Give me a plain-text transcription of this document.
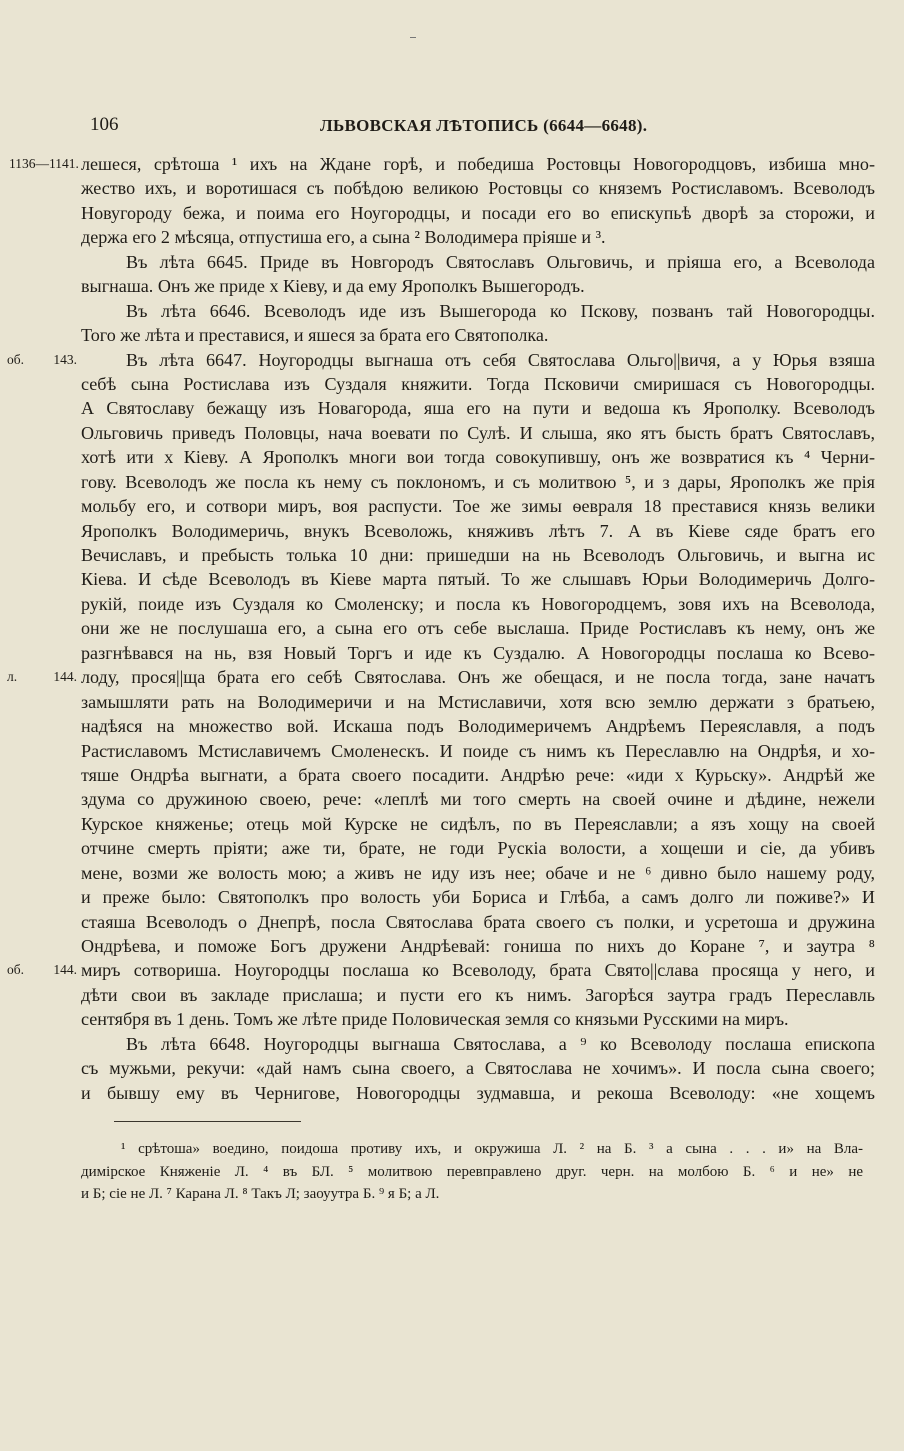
106	ЛЬВОВСКАЯ ЛѢТОПИСЬ (6644—6648).
1136—1141. лешеся, срѣтоша ¹ ихъ на Ждане горѣ, и победиша Ростовцы Новогородцовъ, избиша мно-
жество ихъ, и воротишася съ побѣдою великою Ростовцы со княземъ Ростиславомъ. Всеволодъ
Новугороду бежа, и поима его Ноугородцы, и посади его во епискупьѣ дворѣ за сторожи, и
держа его 2 мѣсяца, отпустиша его, а сына ² Володимера пріяше и ³.
Въ лѣта 6645. Приде въ Новгородъ Святославъ Ольговичь, и пріяша его, а Всеволода
выгнаша. Онъ же приде х Кіеву, и да ему Ярополкъ Вышегородъ.
Въ лѣта 6646. Всеволодъ иде изъ Вышегорода ко Пскову, позванъ тай Новогородцы.
Того же лѣта и преставися, и яшеся за брата его Святополка.
об. 143.	Въ лѣта 6647. Ноугородцы выгнаша отъ себя Святослава Ольго||вичя, а у Юрья взяша
себѣ сына Ростислава изъ Суздаля княжити. Тогда Псковичи смиришася съ Новогородцы.
А Святославу бежащу изъ Новагорода, яша его на пути и ведоша къ Ярополку. Всеволодъ
Ольговичь приведъ Половцы, нача воевати по Сулѣ. И слыша, яко ятъ бысть братъ Святославъ,
хотѣ ити х Кіеву. А Ярополкъ многи вои тогда совокупившу, онъ же возвратися къ ⁴ Черни-
гову. Всеволодъ же посла къ нему съ поклономъ, и съ молитвою ⁵, и з дары, Ярополкъ же прія
мольбу его, и сотвори миръ, воя распусти. Тое же зимы ѳевраля 18 преставися князь велики
Ярополкъ Володимеричь, внукъ Всеволожь, княживъ лѣтъ 7. А въ Кіеве сяде братъ его
Вечиславъ, и пребысть толька 10 дни: пришедши на нь Всеволодъ Ольговичь, и выгна ис
Кіева. И сѣде Всеволодъ въ Кіеве марта пятый. То же слышавъ Юрьи Володимеричь Долго-
рукій, поиде изъ Суздаля ко Смоленску; и посла къ Новогородцемъ, зовя ихъ на Всеволода,
они же не послушаша его, а сына его отъ себе выслаша. Приде Ростиславъ къ нему, онъ же
разгнѣвався на нь, взя Новый Торгъ и иде къ Суздалю. А Новогородцы послаша ко Всево-
л. 144. лоду, прося||ща брата его себѣ Святослава. Онъ же обещася, и не посла тогда, зане начатъ
замышляти рать на Володимеричи и на Мстиславичи, хотя всю землю держати з братьею,
надѣяся на множество вой. Искаша подъ Володимеричемъ Андрѣемъ Переяславля, а подъ
Растиславомъ Мстиславичемъ Смоленескъ. И поиде съ нимъ къ Переславлю на Ондрѣя, и хо-
тяше Ондрѣа выгнати, а брата своего посадити. Андрѣю рече: «иди х Курьску». Андрѣй же
здума со дружиною своею, рече: «леплѣ ми того смерть на своей очине и дѣдине, нежели
Курское княженье; отець мой Курске не сидѣлъ, по въ Переяславли; а язъ хощу на своей
отчине смерть пріяти; аже ти, брате, не годи Рускіа волости, а хощеши и сіе, да убивъ
мене, возми же волость мою; а живъ не иду изъ нее; обаче и не ⁶ дивно было нашему роду,
и преже было: Святополкъ про волость уби Бориса и Глѣба, а самъ долго ли поживе?» И
стаяша Всеволодъ о Днепрѣ, посла Святослава брата своего съ полки, и усретоша и дружина
Ондрѣева, и поможе Богъ дружени Андрѣевай: гониша по нихъ до Коране ⁷, и заутра ⁸
об. 144. миръ сотвориша. Ноугородцы послаша ко Всеволоду, брата Свято||слава просяща у него, и
дѣти свои въ закладе прислаша; и пусти его къ нимъ. Загорѣся заутра градъ Переславль
сентября въ 1 день. Томъ же лѣте приде Половическая земля со князьми Русскими на миръ.
Въ лѣта 6648. Ноугородцы выгнаша Святослава, а ⁹ ко Всеволоду послаша епископа
съ мужьми, рекучи: «дай намъ сына своего, а Святослава не хочимъ». И посла сына своего;
и бывшу ему въ Чернигове, Новогородцы зудмавша, и рекоша Всеволоду: «не хощемъ
¹ срѣтоша» воедино, поидоша противу ихъ, и окружиша Л. ² на Б. ³ а сына . . . и» на Вла-
димірское Княженіе Л. ⁴ въ БЛ. ⁵ молитвою перевправлено друг. черн. на молбою Б. ⁶ и не» не
и Б; сіе не Л. ⁷ Карана Л. ⁸ Такъ Л; заоуутра Б. ⁹ я Б; а Л.
